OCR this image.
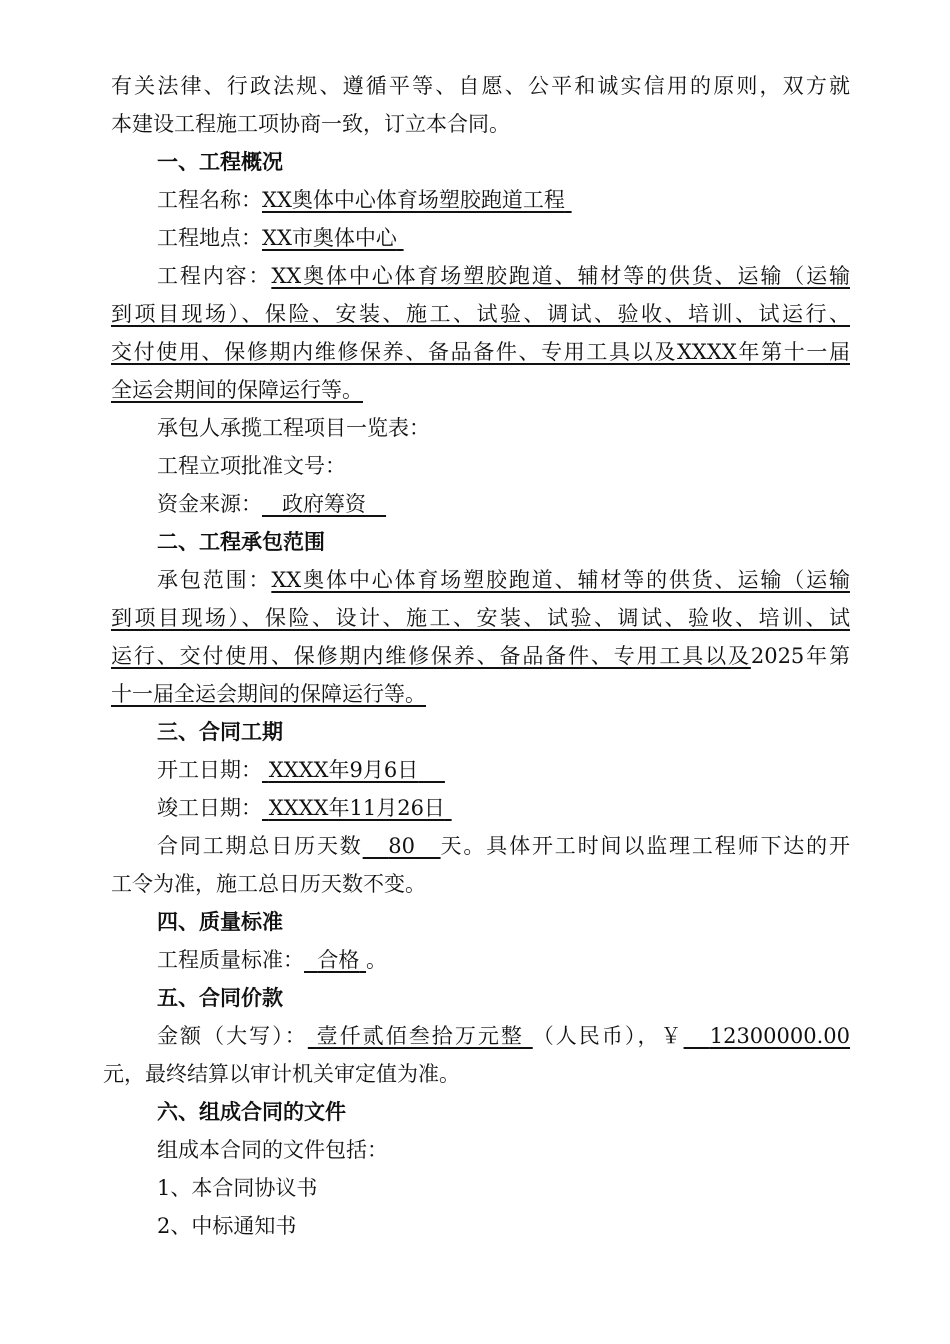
有关法律、行政法规、遵循平等、自愿、公平和诚实信用的原则，双方就
本建设工程施工项协商一致，订立本合同。
一、工程概况
工程名称：XX奥体中心体育场塑胶跑道工程
工程地点：XX市奥体中心
工程内容：XX奥体中心体育场塑胶跑道、辅材等的供货、运输（运输
到项目现场）、保险、安装、施工、试验、调试、验收、培训、试运行、
交付使用、保修期内维修保养、备品备件、专用工具以及XXXX年第十一届
全运会期间的保障运行等。
承包人承揽工程项目一览表：
工程立项批准文号：
资金来源： 政府筹资
二、工程承包范围
承包范围：XX奥体中心体育场塑胶跑道、辅材等的供货、运输（运输
到项目现场）、保险、设计、施工、安装、试验、调试、验收、培训、试
运行、交付使用、保修期内维修保养、备品备件、专用工具以及2025年第
十一届全运会期间的保障运行等。
三、合同工期
开工日期： XXXX年9月6日
竣工日期： XXXX年11月26日
合同工期总日历天数 80 天。具体开工时间以监理工程师下达的开
工令为准，施工总日历天数不变。
四、质量标准
工程质量标准： 合格 。
五、合同价款
金额（大写）： 壹仟贰佰叁拾万元整 （人民币），￥ 12300000.00
元，最终结算以审计机关审定值为准。
六、组成合同的文件
组成本合同的文件包括：
1、本合同协议书
2、中标通知书
